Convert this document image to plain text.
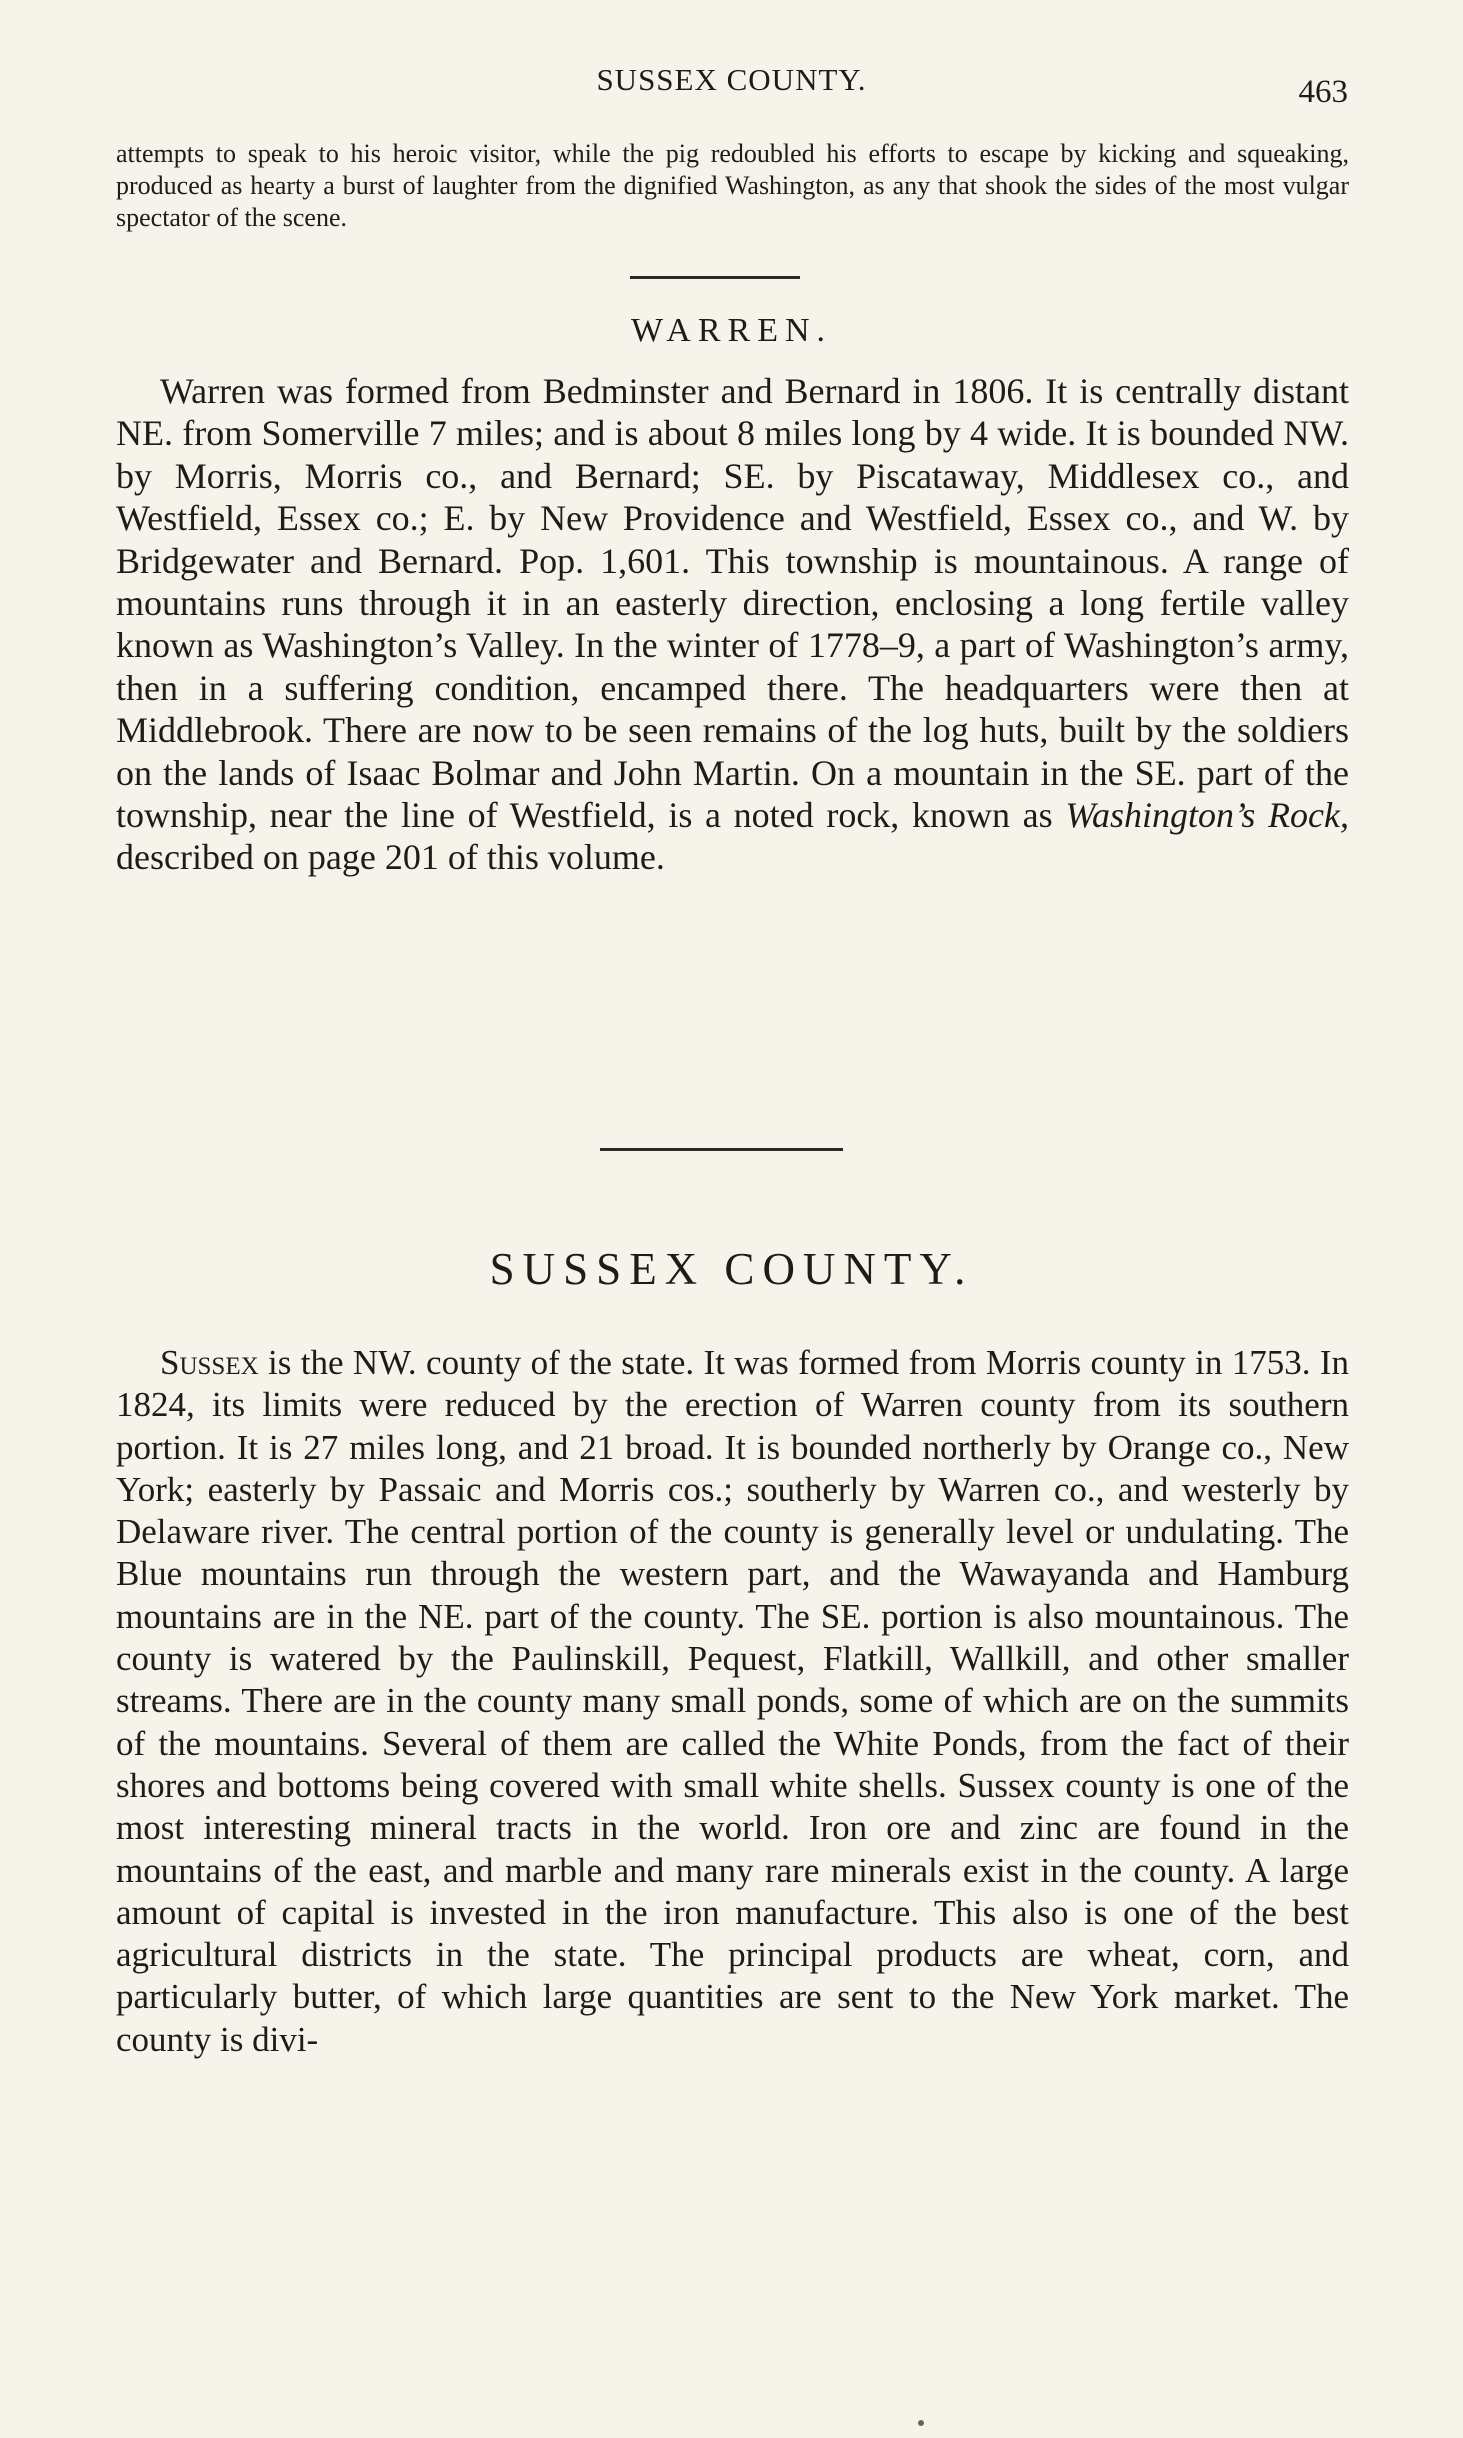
SUSSEX COUNTY.	463

attempts to speak to his heroic visitor, while the pig redoubled his efforts to escape by kicking and squeaking, produced as hearty a burst of laughter from the dignified Washington, as any that shook the sides of the most vulgar spectator of the scene.

WARREN.

Warren was formed from Bedminster and Bernard in 1806. It is centrally distant NE. from Somerville 7 miles; and is about 8 miles long by 4 wide. It is bounded NW. by Morris, Morris co., and Bernard; SE. by Piscataway, Middlesex co., and Westfield, Essex co.; E. by New Providence and Westfield, Essex co., and W. by Bridgewater and Bernard. Pop. 1,601. This township is mountainous. A range of mountains runs through it in an easterly direction, enclosing a long fertile valley known as Washington’s Valley. In the winter of 1778–9, a part of Washington’s army, then in a suffering condition, encamped there. The headquarters were then at Middlebrook. There are now to be seen remains of the log huts, built by the soldiers on the lands of Isaac Bolmar and John Martin. On a mountain in the SE. part of the township, near the line of Westfield, is a noted rock, known as Washington’s Rock, described on page 201 of this volume.

SUSSEX COUNTY.

Sussex is the NW. county of the state. It was formed from Morris county in 1753. In 1824, its limits were reduced by the erection of Warren county from its southern portion. It is 27 miles long, and 21 broad. It is bounded northerly by Orange co., New York; easterly by Passaic and Morris cos.; southerly by Warren co., and westerly by Delaware river. The central portion of the county is generally level or undulating. The Blue mountains run through the western part, and the Wawayanda and Hamburg mountains are in the NE. part of the county. The SE. portion is also mountainous. The county is watered by the Paulinskill, Pequest, Flatkill, Wallkill, and other smaller streams. There are in the county many small ponds, some of which are on the summits of the mountains. Several of them are called the White Ponds, from the fact of their shores and bottoms being covered with small white shells. Sussex county is one of the most interesting mineral tracts in the world. Iron ore and zinc are found in the mountains of the east, and marble and many rare minerals exist in the county. A large amount of capital is invested in the iron manufacture. This also is one of the best agricultural districts in the state. The principal products are wheat, corn, and particularly butter, of which large quantities are sent to the New York market. The county is divi-
